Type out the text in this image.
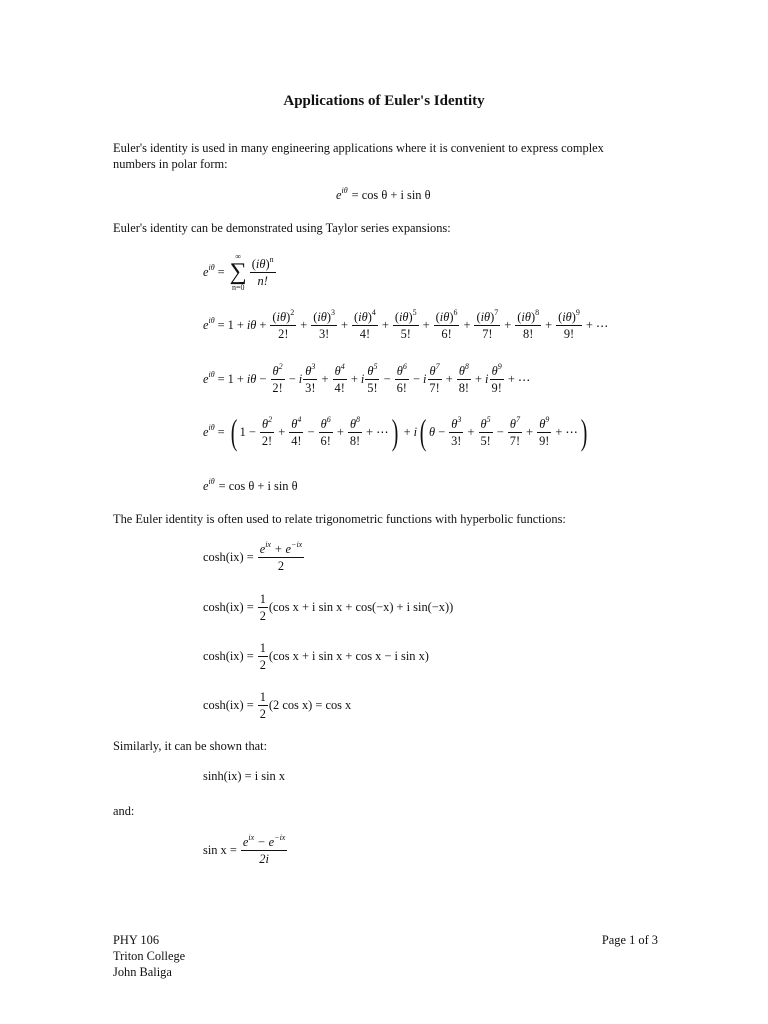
Applications of Euler's Identity
Euler's identity is used in many engineering applications where it is convenient to express complex numbers in polar form:
$e^{i\theta} = \cos \theta + i$ sin θ
Euler's identity can be demonstrated using Taylor series expansions:
$e^{i\theta}$ =
∞
∑
$n=0 \frac{(i\theta)^n}{n!}$
$e^{i\theta} = 1 + i\theta + \frac{(i\theta)^2}{2!} + \frac{(i\theta)^3}{3!} + \frac{(i\theta)^4}{4!} + \frac{(i\theta)^5}{5!} + \frac{(i\theta)^6}{6!} + \frac{(i\theta)^7}{7!} + \frac{(i\theta)^8}{8!} + \frac{(i\theta)^9}{9!}$ + ⋯
$e^{i\theta} = 1 + i\theta - \frac{\theta^2}{2!} - i \frac{\theta^3}{3!} + \frac{\theta^4}{4!} + i \frac{\theta^5}{5!} - \frac{\theta^6}{6!} - i \frac{\theta^7}{7!} + \frac{\theta^8}{8!} + i \frac{\theta^9}{9!}$ + ⋯
$e^{i\theta}$ = ( $1 - \frac{\theta^2}{2!} + \frac{\theta^4}{4!} - \frac{\theta^6}{6!} + \frac{\theta^8}{8!}$ + ⋯ ) + i ( $\theta - \frac{\theta^3}{3!} + \frac{\theta^5}{5!} - \frac{\theta^7}{7!} + \frac{\theta^9}{9!}$ + ⋯ )
$e^{i\theta} = \cos \theta + i$ sin θ
The Euler identity is often used to relate trigonometric functions with hyperbolic functions:
$\cosh(ix) = \frac{e^{ix} + e^{-ix}}{2}$
$\cosh(ix) = \frac{1}{2} (\cos$ x + i sin x + cos(−x) + i sin(−x))
$\cosh(ix) = \frac{1}{2} (\cos$ x + i sin x + cos x − i sin x)
$\cosh(ix) = \frac{1}{2} (2$ cos x) = cos x
Similarly, it can be shown that:
sinh(ix) = i sin x
and:
$\sin x = \frac{e^{ix} - e^{-ix}}{2i}$
PHY 106
Triton College
John Baliga
Page 1 of 3
